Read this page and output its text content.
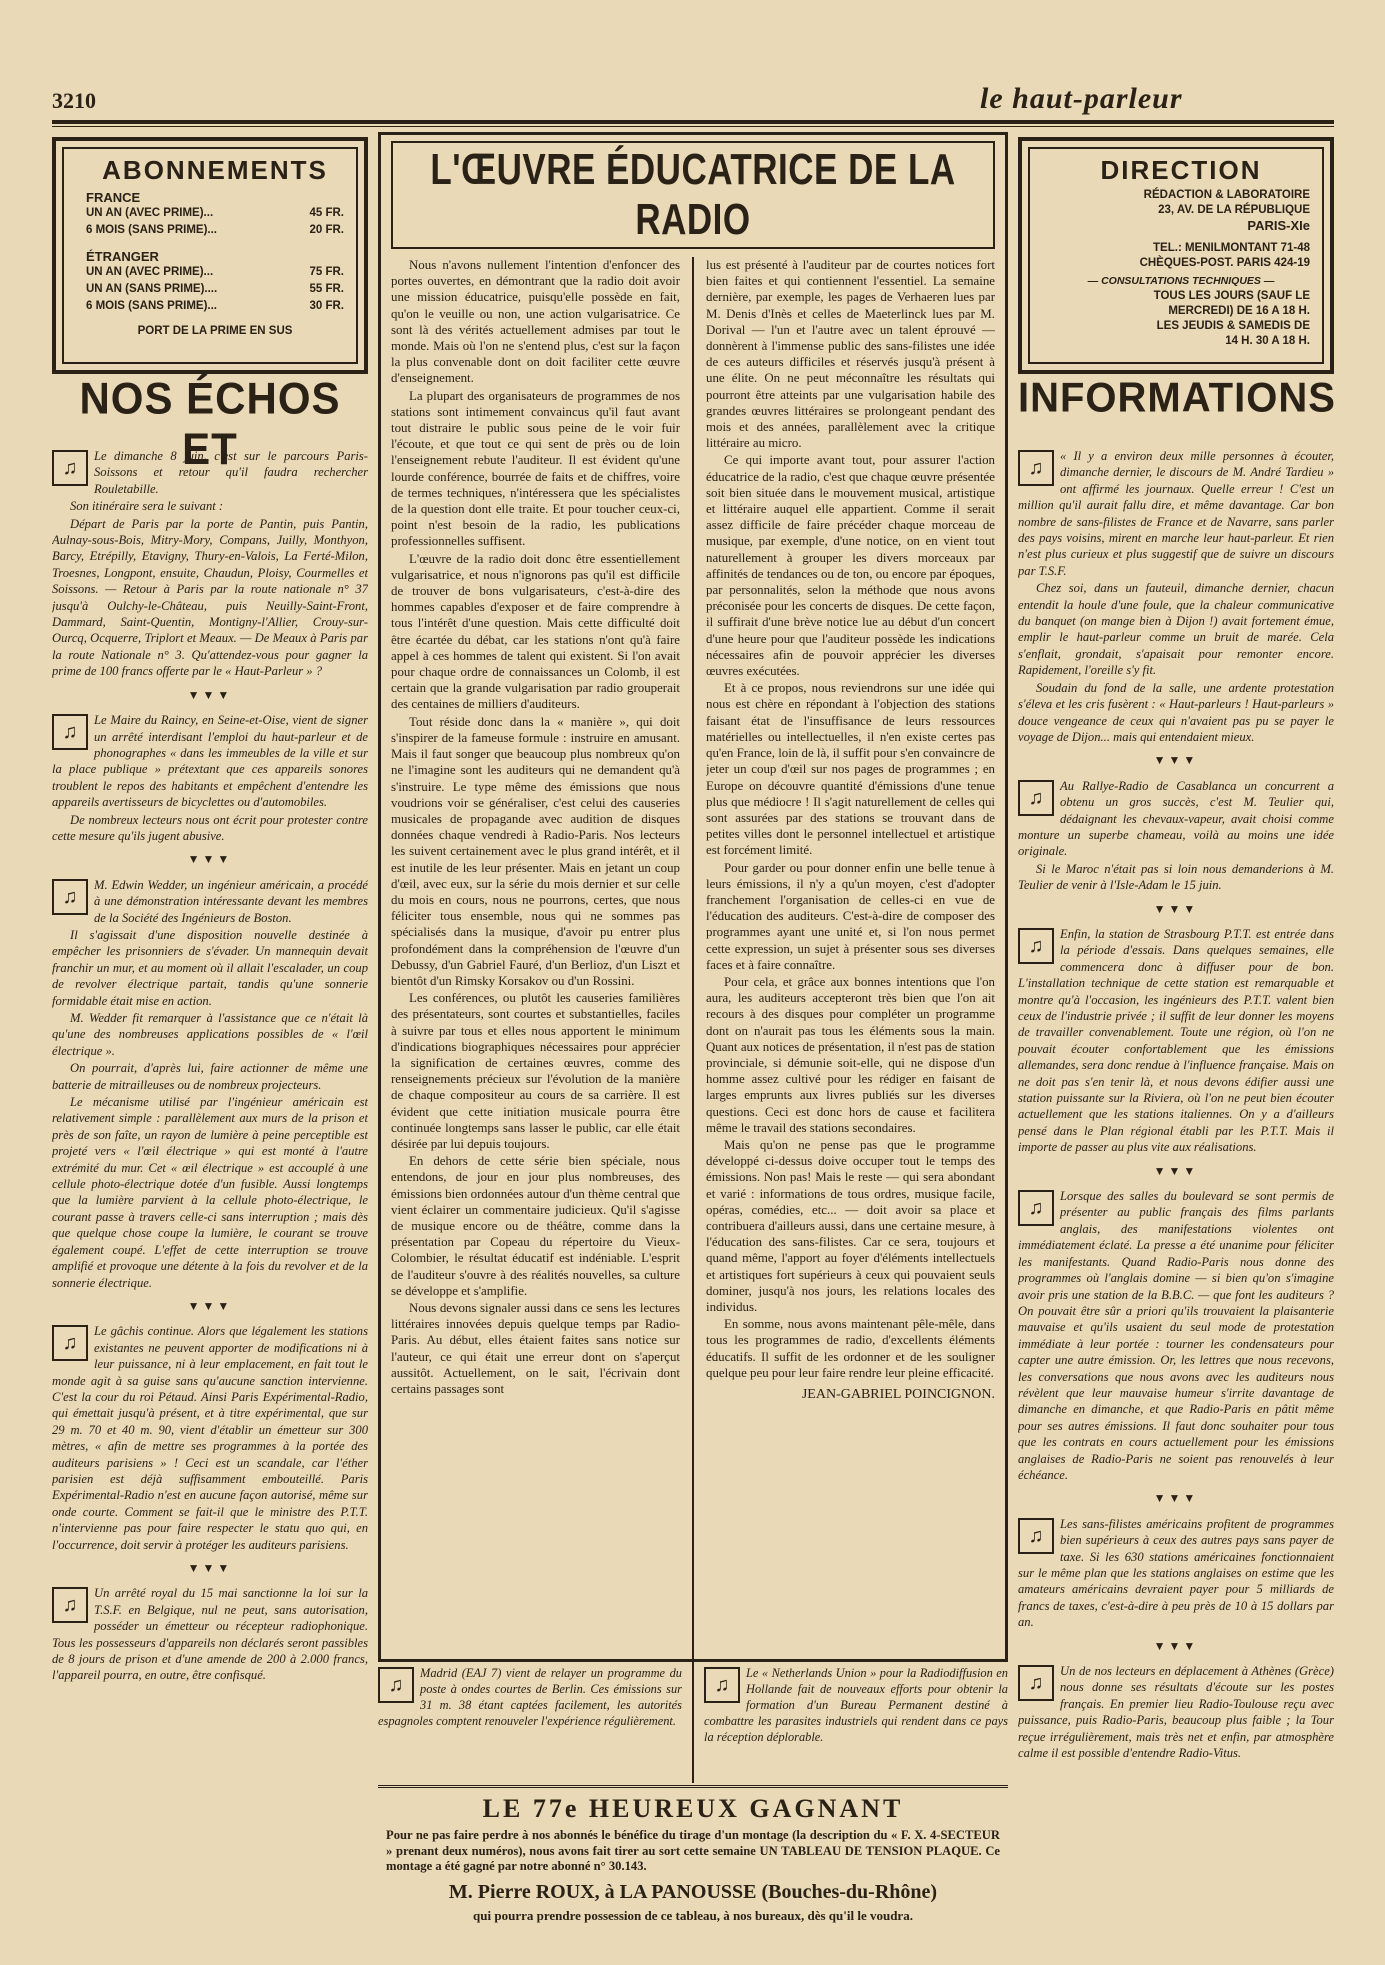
3210	le haut-parleur
ABONNEMENTS
FRANCE
UN AN (AVEC PRIME)...	45 FR.
6 MOIS (SANS PRIME)...	20 FR.
ÉTRANGER
UN AN (AVEC PRIME)...	75 FR.
UN AN (SANS PRIME)....	55 FR.
6 MOIS (SANS PRIME)...	30 FR.
PORT DE LA PRIME EN SUS
DIRECTION
RÉDACTION & LABORATOIRE
23, AV. DE LA RÉPUBLIQUE
PARIS-XIe
TEL.: MENILMONTANT 71-48
CHÈQUES-POST. PARIS 424-19
— CONSULTATIONS TECHNIQUES —
TOUS LES JOURS (SAUF LE
MERCREDI) DE 16 A 18 H.
LES JEUDIS & SAMEDIS DE
14 H. 30 A 18 H.
NOS ÉCHOS ET
INFORMATIONS
♫

Le dimanche 8 juin, c'est sur le parcours Paris-Soissons et retour qu'il faudra rechercher Rouletabille.

Son itinéraire sera le suivant :

Départ de Paris par la porte de Pantin, puis Pantin, Aulnay-sous-Bois, Mitry-Mory, Compans, Juilly, Monthyon, Barcy, Etrépilly, Etavigny, Thury-en-Valois, La Ferté-Milon, Troesnes, Longpont, ensuite, Chaudun, Ploisy, Courmelles et Soissons. — Retour à Paris par la route nationale n° 37 jusqu'à Oulchy-le-Château, puis Neuilly-Saint-Front, Dammard, Saint-Quentin, Montigny-l'Allier, Crouy-sur-Ourcq, Ocquerre, Triplort et Meaux. — De Meaux à Paris par la route Nationale n° 3. Qu'attendez-vous pour gagner la prime de 100 francs offerte par le « Haut-Parleur » ?

▼▼▼
♫

Le Maire du Raincy, en Seine-et-Oise, vient de signer un arrêté interdisant l'emploi du haut-parleur et de phonographes « dans les immeubles de la ville et sur la place publique » prétextant que ces appareils sonores troublent le repos des habitants et empêchent d'entendre les appareils avertisseurs de bicyclettes ou d'automobiles.

De nombreux lecteurs nous ont écrit pour protester contre cette mesure qu'ils jugent abusive.

▼▼▼
♫

M. Edwin Wedder, un ingénieur américain, a procédé à une démonstration intéressante devant les membres de la Société des Ingénieurs de Boston.

Il s'agissait d'une disposition nouvelle destinée à empêcher les prisonniers de s'évader. Un mannequin devait franchir un mur, et au moment où il allait l'escalader, un coup de revolver électrique partait, tandis qu'une sonnerie formidable était mise en action.

M. Wedder fit remarquer à l'assistance que ce n'était là qu'une des nombreuses applications possibles de « l'œil électrique ».

On pourrait, d'après lui, faire actionner de même une batterie de mitrailleuses ou de nombreux projecteurs.

Le mécanisme utilisé par l'ingénieur américain est relativement simple : parallèlement aux murs de la prison et près de son faîte, un rayon de lumière à peine perceptible est projeté vers « l'œil électrique » qui est monté à l'autre extrémité du mur. Cet « œil électrique » est accouplé à une cellule photo-électrique dotée d'un fusible. Aussi longtemps que la lumière parvient à la cellule photo-électrique, le courant passe à travers celle-ci sans interruption ; mais dès que quelque chose coupe la lumière, le courant se trouve également coupé. L'effet de cette interruption se trouve amplifié et provoque une détente à la fois du revolver et de la sonnerie électrique.

▼▼▼
♫

Le gâchis continue. Alors que légalement les stations existantes ne peuvent apporter de modifications ni à leur puissance, ni à leur emplacement, en fait tout le monde agit à sa guise sans qu'aucune sanction intervienne. C'est la cour du roi Pétaud. Ainsi Paris Expérimental-Radio, qui émettait jusqu'à présent, et à titre expérimental, que sur 29 m. 70 et 40 m. 90, vient d'établir un émetteur sur 300 mètres, « afin de mettre ses programmes à la portée des auditeurs parisiens » ! Ceci est un scandale, car l'éther parisien est déjà suffisamment embouteillé. Paris Expérimental-Radio n'est en aucune façon autorisé, même sur onde courte. Comment se fait-il que le ministre des P.T.T. n'intervienne pas pour faire respecter le statu quo qui, en l'occurrence, doit servir à protéger les auditeurs parisiens.

▼▼▼
♫

Un arrêté royal du 15 mai sanctionne la loi sur la T.S.F. en Belgique, nul ne peut, sans autorisation, posséder un émetteur ou récepteur radiophonique. Tous les possesseurs d'appareils non déclarés seront passibles de 8 jours de prison et d'une amende de 200 à 2.000 francs, l'appareil pourra, en outre, être confisqué.

♫

« Il y a environ deux mille personnes à écouter, dimanche dernier, le discours de M. André Tardieu » ont affirmé les journaux. Quelle erreur ! C'est un million qu'il aurait fallu dire, et même davantage. Car bon nombre de sans-filistes de France et de Navarre, sans parler des pays voisins, mirent en marche leur haut-parleur. Et rien n'est plus curieux et plus suggestif que de suivre un discours par T.S.F.

Chez soi, dans un fauteuil, dimanche dernier, chacun entendit la houle d'une foule, que la chaleur communicative du banquet (on mange bien à Dijon !) avait fortement émue, emplir le haut-parleur comme un bruit de marée. Cela s'enflait, grondait, s'apaisait pour remonter encore. Rapidement, l'oreille s'y fit.

Soudain du fond de la salle, une ardente protestation s'éleva et les cris fusèrent : « Haut-parleurs ! Haut-parleurs » douce vengeance de ceux qui n'avaient pas pu se payer le voyage de Dijon... mais qui entendaient mieux.

▼▼▼
♫

Au Rallye-Radio de Casablanca un concurrent a obtenu un gros succès, c'est M. Teulier qui, dédaignant les chevaux-vapeur, avait choisi comme monture un superbe chameau, voilà au moins une idée originale.

Si le Maroc n'était pas si loin nous demanderions à M. Teulier de venir à l'Isle-Adam le 15 juin.

▼▼▼
♫

Enfin, la station de Strasbourg P.T.T. est entrée dans la période d'essais. Dans quelques semaines, elle commencera donc à diffuser pour de bon. L'installation technique de cette station est remarquable et montre qu'à l'occasion, les ingénieurs des P.T.T. valent bien ceux de l'industrie privée ; il suffit de leur donner les moyens de travailler convenablement. Toute une région, où l'on ne pouvait écouter confortablement que les émissions allemandes, sera donc rendue à l'influence française. Mais on ne doit pas s'en tenir là, et nous devons édifier aussi une station puissante sur la Riviera, où l'on ne peut bien écouter actuellement que les stations italiennes. On y a d'ailleurs pensé dans le Plan régional établi par les P.T.T. Mais il importe de passer au plus vite aux réalisations.

▼▼▼
♫

Lorsque des salles du boulevard se sont permis de présenter au public français des films parlants anglais, des manifestations violentes ont immédiatement éclaté. La presse a été unanime pour féliciter les manifestants. Quand Radio-Paris nous donne des programmes où l'anglais domine — si bien qu'on s'imagine avoir pris une station de la B.B.C. — que font les auditeurs ? On pouvait être sûr a priori qu'ils trouvaient la plaisanterie mauvaise et qu'ils usaient du seul mode de protestation immédiate à leur portée : tourner les condensateurs pour capter une autre émission. Or, les lettres que nous recevons, les conversations que nous avons avec les auditeurs nous révèlent que leur mauvaise humeur s'irrite davantage de dimanche en dimanche, et que Radio-Paris en pâtit même pour ses autres émissions. Il faut donc souhaiter pour tous que les contrats en cours actuellement pour les émissions anglaises de Radio-Paris ne soient pas renouvelés à leur échéance.

▼▼▼
♫

Les sans-filistes américains profitent de programmes bien supérieurs à ceux des autres pays sans payer de taxe. Si les 630 stations américaines fonctionnaient sur le même plan que les stations anglaises on estime que les amateurs américains devraient payer pour 5 milliards de francs de taxes, c'est-à-dire à peu près de 10 à 15 dollars par an.

▼▼▼
♫

Un de nos lecteurs en déplacement à Athènes (Grèce) nous donne ses résultats d'écoute sur les postes français. En premier lieu Radio-Toulouse reçu avec puissance, puis Radio-Paris, beaucoup plus faible ; la Tour reçue irrégulièrement, mais très net et enfin, par atmosphère calme il est possible d'entendre Radio-Vitus.

L'ŒUVRE ÉDUCATRICE DE LA RADIO

Nous n'avons nullement l'intention d'enfoncer des portes ouvertes, en démontrant que la radio doit avoir une mission éducatrice, puisqu'elle possède en fait, qu'on le veuille ou non, une action vulgarisatrice. Ce sont là des vérités actuellement admises par tout le monde. Mais où l'on ne s'entend plus, c'est sur la façon la plus convenable dont on doit faciliter cette œuvre d'enseignement.

La plupart des organisateurs de programmes de nos stations sont intimement convaincus qu'il faut avant tout distraire le public sous peine de le voir fuir l'écoute, et que tout ce qui sent de près ou de loin l'enseignement rebute l'auditeur. Il est évident qu'une lourde conférence, bourrée de faits et de chiffres, voire de termes techniques, n'intéressera que les spécialistes de la question dont elle traite. Et pour toucher ceux-ci, point n'est besoin de la radio, les publications professionnelles suffisent.

L'œuvre de la radio doit donc être essentiellement vulgarisatrice, et nous n'ignorons pas qu'il est difficile de trouver de bons vulgarisateurs, c'est-à-dire des hommes capables d'exposer et de faire comprendre à tous l'intérêt d'une question. Mais cette difficulté doit être écartée du débat, car les stations n'ont qu'à faire appel à ces hommes de talent qui existent. Si l'on avait pour chaque ordre de connaissances un Colomb, il est certain que la grande vulgarisation par radio grouperait des centaines de milliers d'auditeurs.

Tout réside donc dans la « manière », qui doit s'inspirer de la fameuse formule : instruire en amusant. Mais il faut songer que beaucoup plus nombreux qu'on ne l'imagine sont les auditeurs qui ne demandent qu'à s'instruire. Le type même des émissions que nous voudrions voir se généraliser, c'est celui des causeries musicales de propagande avec audition de disques données chaque vendredi à Radio-Paris. Nos lecteurs les suivent certainement avec le plus grand intérêt, et il est inutile de les leur présenter. Mais en jetant un coup d'œil, avec eux, sur la série du mois dernier et sur celle du mois en cours, nous ne pourrons, certes, que nous féliciter tous ensemble, nous qui ne sommes pas spécialisés dans la musique, d'avoir pu entrer plus profondément dans la compréhension de l'œuvre d'un Debussy, d'un Gabriel Fauré, d'un Berlioz, d'un Liszt et bientôt d'un Rimsky Korsakov ou d'un Rossini.

Les conférences, ou plutôt les causeries familières des présentateurs, sont courtes et substantielles, faciles à suivre par tous et elles nous apportent le minimum d'indications biographiques nécessaires pour apprécier la signification de certaines œuvres, comme des renseignements précieux sur l'évolution de la manière de chaque compositeur au cours de sa carrière. Il est évident que cette initiation musicale pourra être continuée longtemps sans lasser le public, car elle était désirée par lui depuis toujours.

En dehors de cette série bien spéciale, nous entendons, de jour en jour plus nombreuses, des émissions bien ordonnées autour d'un thème central que vient éclairer un commentaire judicieux. Qu'il s'agisse de musique encore ou de théâtre, comme dans la présentation par Copeau du répertoire du Vieux-Colombier, le résultat éducatif est indéniable. L'esprit de l'auditeur s'ouvre à des réalités nouvelles, sa culture se développe et s'amplifie.

Nous devons signaler aussi dans ce sens les lectures littéraires innovées depuis quelque temps par Radio-Paris. Au début, elles étaient faites sans notice sur l'auteur, ce qui était une erreur dont on s'aperçut aussitôt. Actuellement, on le sait, l'écrivain dont certains passages sont

lus est présenté à l'auditeur par de courtes notices fort bien faites et qui contiennent l'essentiel. La semaine dernière, par exemple, les pages de Verhaeren lues par M. Denis d'Inès et celles de Maeterlinck lues par M. Dorival — l'un et l'autre avec un talent éprouvé — donnèrent à l'immense public des sans-filistes une idée de ces auteurs difficiles et réservés jusqu'à présent à une élite. On ne peut méconnaître les résultats qui pourront être atteints par une vulgarisation habile des grandes œuvres littéraires se prolongeant pendant des mois et des années, parallèlement avec la critique littéraire au micro.

Ce qui importe avant tout, pour assurer l'action éducatrice de la radio, c'est que chaque œuvre présentée soit bien située dans le mouvement musical, artistique et littéraire auquel elle appartient. Comme il serait assez difficile de faire précéder chaque morceau de musique, par exemple, d'une notice, on en vient tout naturellement à grouper les divers morceaux par affinités de tendances ou de ton, ou encore par époques, par personnalités, selon la méthode que nous avons préconisée pour les concerts de disques. De cette façon, il suffirait d'une brève notice lue au début d'un concert d'une heure pour que l'auditeur possède les indications nécessaires afin de pouvoir apprécier les diverses œuvres exécutées.

Et à ce propos, nous reviendrons sur une idée qui nous est chère en répondant à l'objection des stations faisant état de l'insuffisance de leurs ressources matérielles ou intellectuelles, il n'en existe certes pas qu'en France, loin de là, il suffit pour s'en convaincre de jeter un coup d'œil sur nos pages de programmes ; en Europe on découvre quantité d'émissions d'une tenue plus que médiocre ! Il s'agit naturellement de celles qui sont assurées par des stations se trouvant dans de petites villes dont le personnel intellectuel et artistique est forcément limité.

Pour garder ou pour donner enfin une belle tenue à leurs émissions, il n'y a qu'un moyen, c'est d'adopter franchement l'organisation de celles-ci en vue de l'éducation des auditeurs. C'est-à-dire de composer des programmes ayant une unité et, si l'on nous permet cette expression, un sujet à présenter sous ses diverses faces et à faire connaître.

Pour cela, et grâce aux bonnes intentions que l'on aura, les auditeurs accepteront très bien que l'on ait recours à des disques pour compléter un programme dont on n'aurait pas tous les éléments sous la main. Quant aux notices de présentation, il n'est pas de station provinciale, si démunie soit-elle, qui ne dispose d'un homme assez cultivé pour les rédiger en faisant de larges emprunts aux livres publiés sur les diverses questions. Ceci est donc hors de cause et facilitera même le travail des stations secondaires.

Mais qu'on ne pense pas que le programme développé ci-dessus doive occuper tout le temps des émissions. Non pas! Mais le reste — qui sera abondant et varié : informations de tous ordres, musique facile, opéras, comédies, etc... — doit avoir sa place et contribuera d'ailleurs aussi, dans une certaine mesure, à l'éducation des sans-filistes. Car ce sera, toujours et quand même, l'apport au foyer d'éléments intellectuels et artistiques fort supérieurs à ceux qui pouvaient seuls dominer, jusqu'à nos jours, les relations locales des individus.

En somme, nous avons maintenant pêle-mêle, dans tous les programmes de radio, d'excellents éléments éducatifs. Il suffit de les ordonner et de les souligner quelque peu pour leur faire rendre leur pleine efficacité.

JEAN-GABRIEL POINCIGNON.
♫
Madrid (EAJ 7) vient de relayer un programme du poste à ondes courtes de Berlin. Ces émissions sur 31 m. 38 étant captées facilement, les autorités espagnoles comptent renouveler l'expérience régulièrement.
♫
Le « Netherlands Union » pour la Radiodiffusion en Hollande fait de nouveaux efforts pour obtenir la formation d'un Bureau Permanent destiné à combattre les parasites industriels qui rendent dans ce pays la réception déplorable.
LE 77e HEUREUX GAGNANT
Pour ne pas faire perdre à nos abonnés le bénéfice du tirage d'un montage (la description du « F. X. 4-SECTEUR » prenant deux numéros), nous avons fait tirer au sort cette semaine UN TABLEAU DE TENSION PLAQUE. Ce montage a été gagné par notre abonné n° 30.143.
M. Pierre ROUX, à LA PANOUSSE (Bouches-du-Rhône)
qui pourra prendre possession de ce tableau, à nos bureaux, dès qu'il le voudra.
